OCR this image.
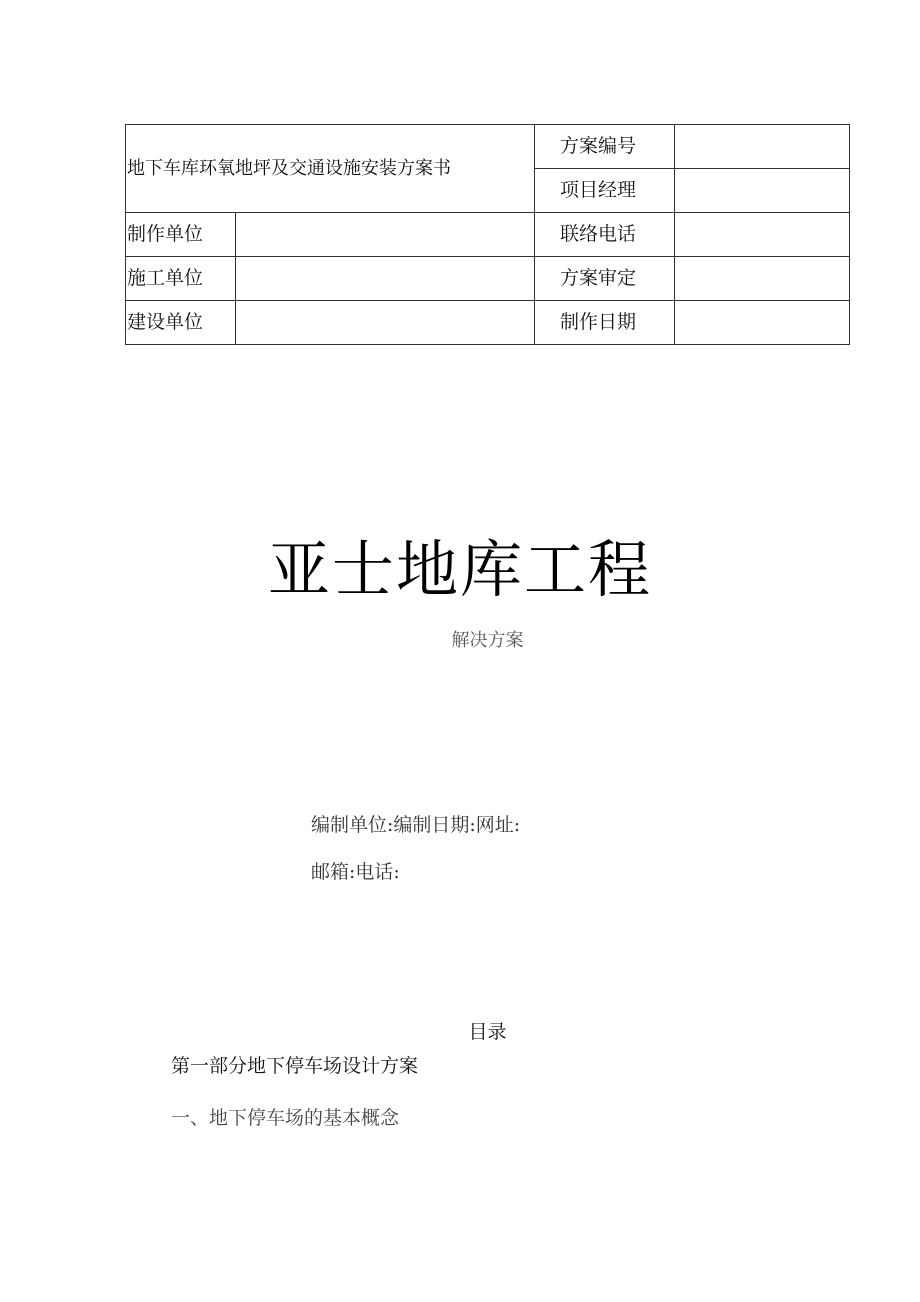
地下车库环氧地坪及交通设施安装方案书		方案编号	
		项目经理	
制作单位		联络电话	
施工单位		方案审定	
建设单位		制作日期	
亚士地库工程
解决方案
编制单位:编制日期:网址:
邮箱:电话:
目录
第一部分地下停车场设计方案
一、地下停车场的基本概念
